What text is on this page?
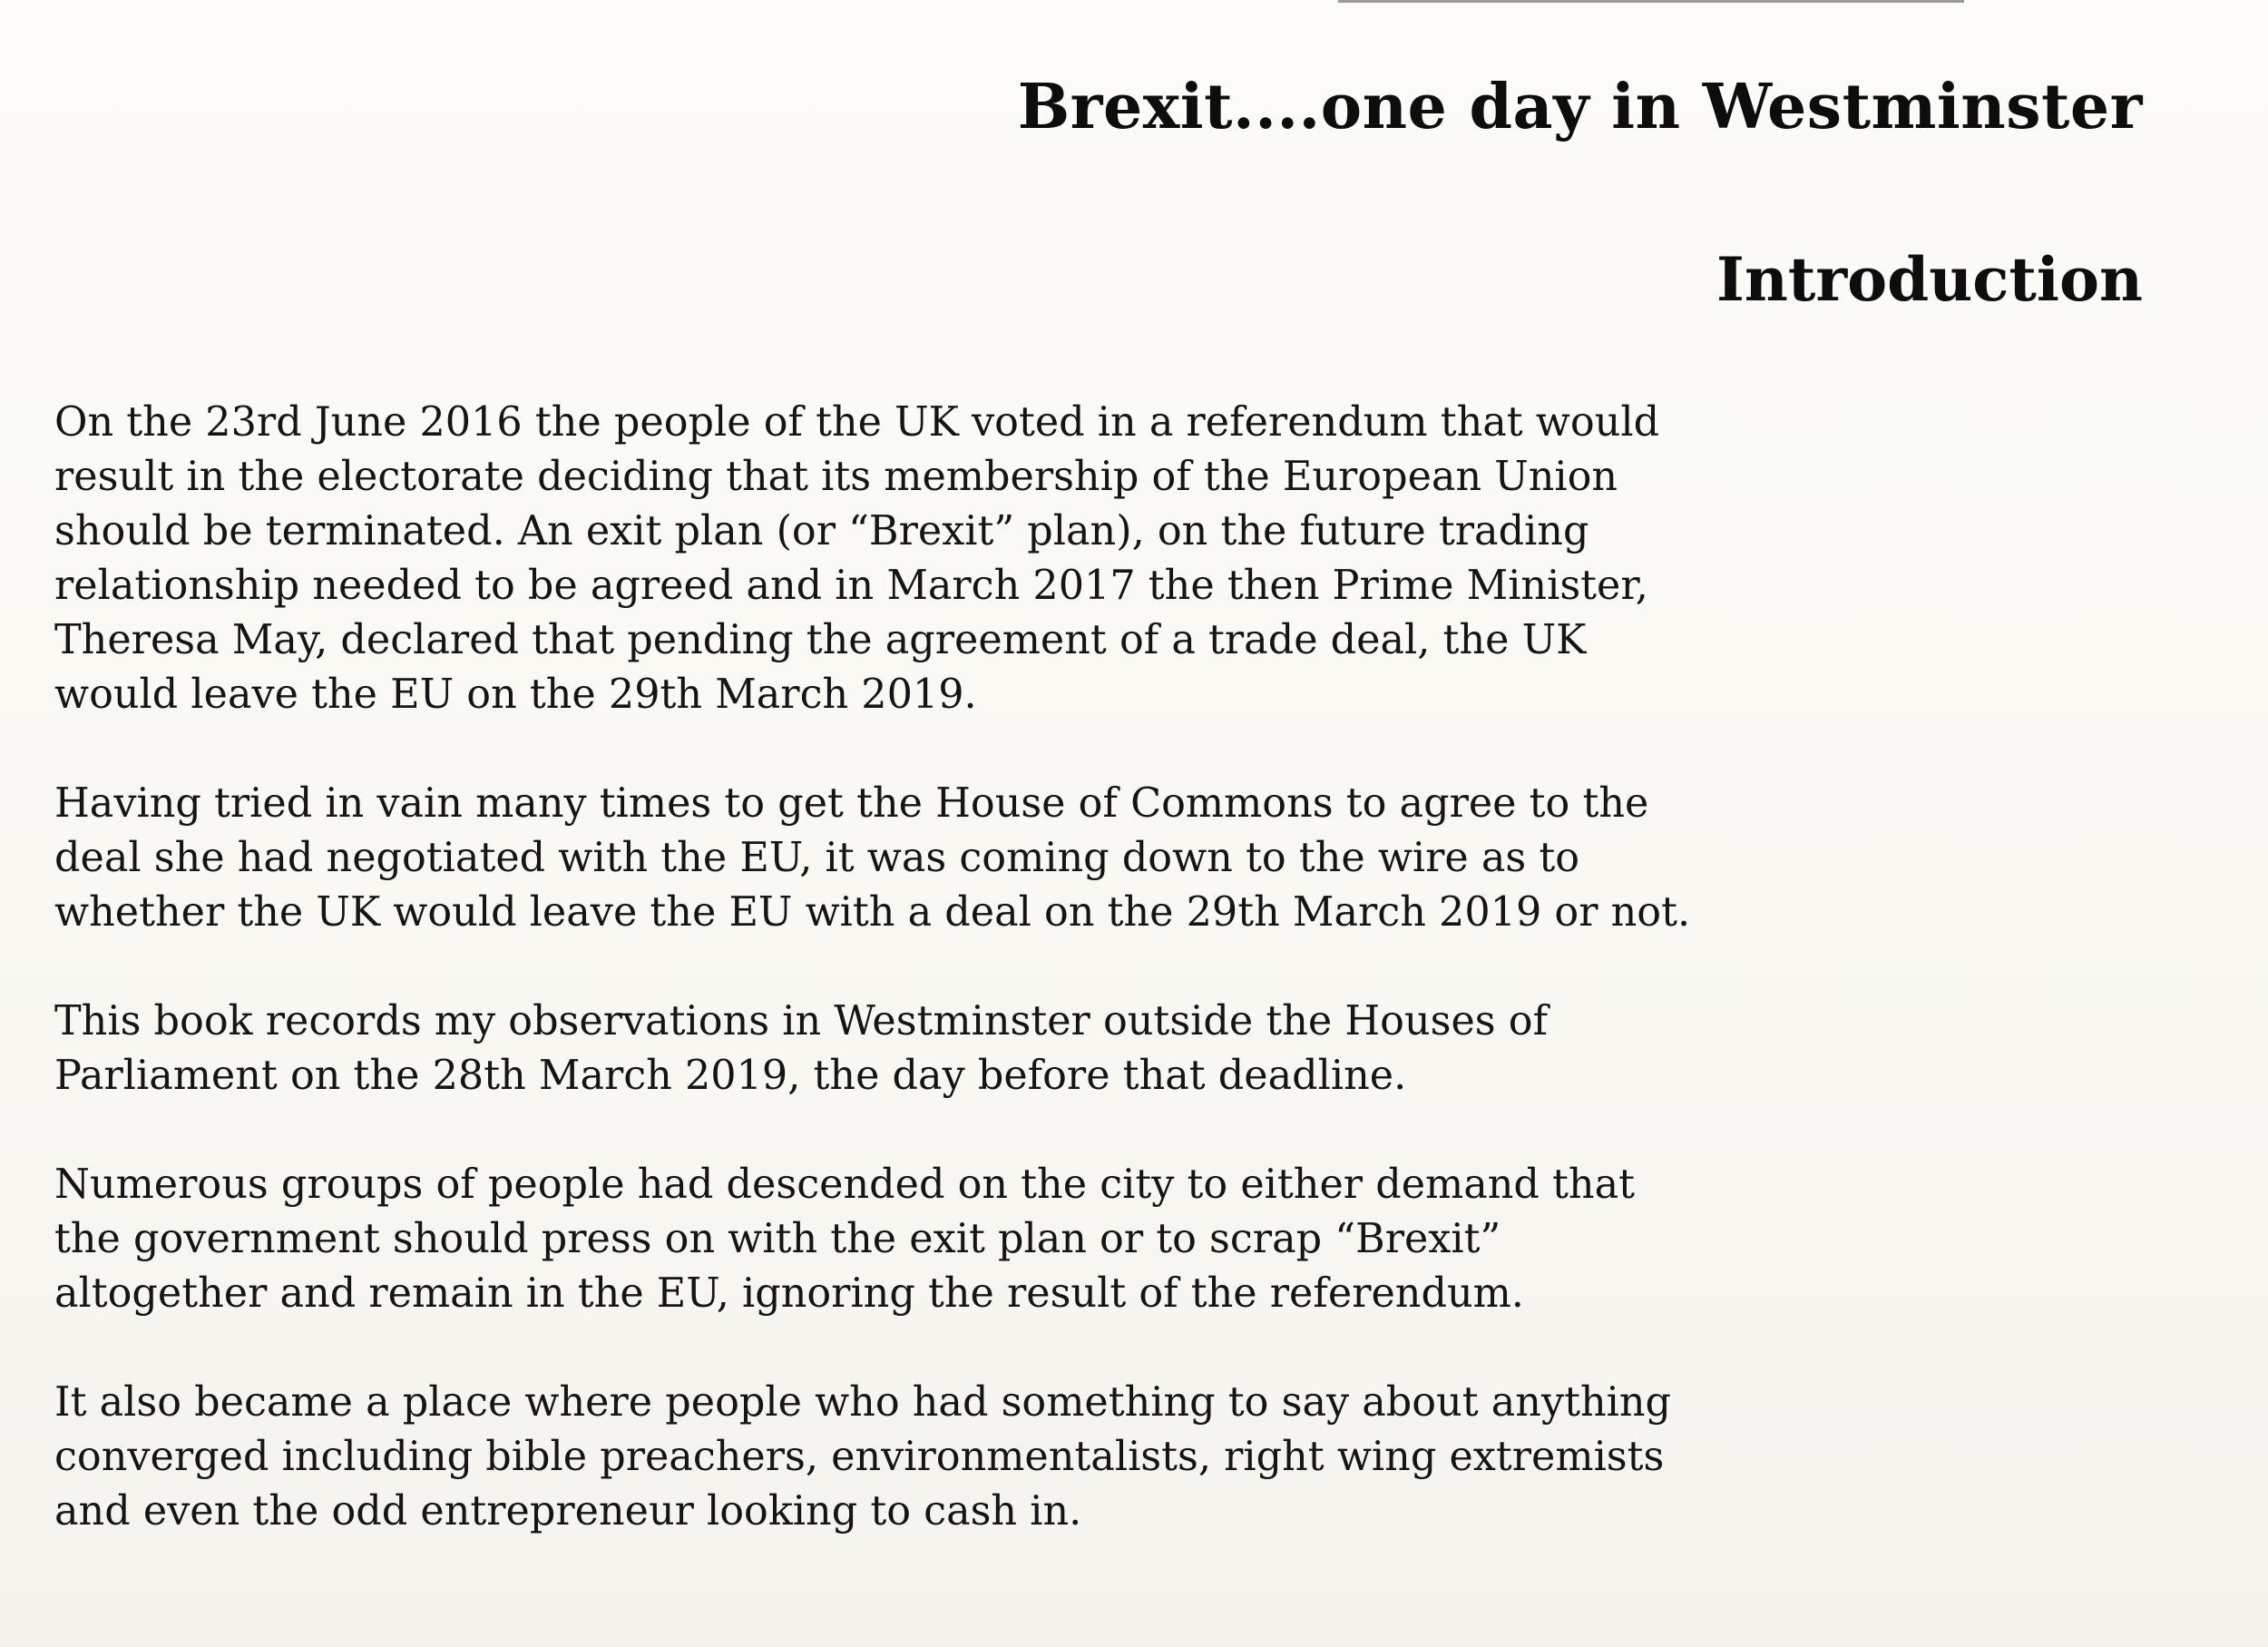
Brexit....one day in Westminster
Introduction

On the 23rd June 2016 the people of the UK voted in a referendum that would
result in the electorate deciding that its membership of the European Union
should be terminated. An exit plan (or “Brexit” plan), on the future trading
relationship needed to be agreed and in March 2017 the then Prime Minister,
Theresa May, declared that pending the agreement of a trade deal, the UK
would leave the EU on the 29th March 2019.

Having tried in vain many times to get the House of Commons to agree to the
deal she had negotiated with the EU, it was coming down to the wire as to
whether the UK would leave the EU with a deal on the 29th March 2019 or not.

This book records my observations in Westminster outside the Houses of
Parliament on the 28th March 2019, the day before that deadline.

Numerous groups of people had descended on the city to either demand that
the government should press on with the exit plan or to scrap “Brexit”
altogether and remain in the EU, ignoring the result of the referendum.

It also became a place where people who had something to say about anything
converged including bible preachers, environmentalists, right wing extremists
and even the odd entrepreneur looking to cash in.
